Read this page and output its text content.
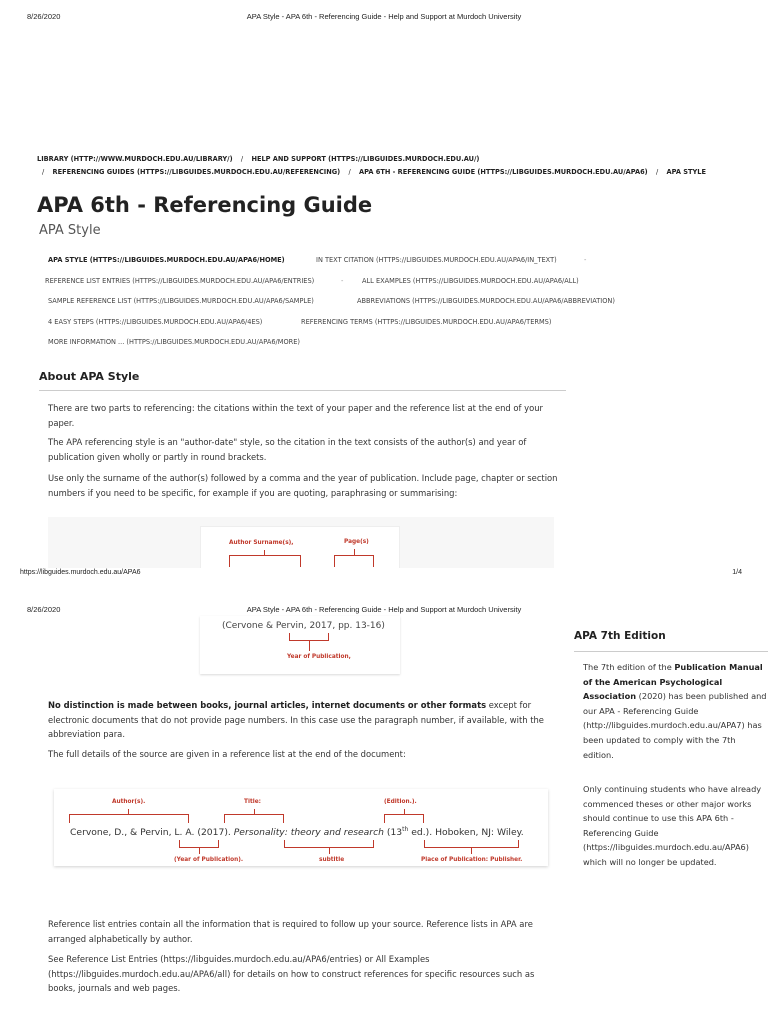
8/26/2020	APA Style - APA 6th - Referencing Guide - Help and Support at Murdoch University
LIBRARY (HTTP://WWW.MURDOCH.EDU.AU/LIBRARY/) / HELP AND SUPPORT (HTTPS://LIBGUIDES.MURDOCH.EDU.AU/)
/ REFERENCING GUIDES (HTTPS://LIBGUIDES.MURDOCH.EDU.AU/REFERENCING) / APA 6TH - REFERENCING GUIDE (HTTPS://LIBGUIDES.MURDOCH.EDU.AU/APA6) / APA STYLE
APA 6th - Referencing Guide
APA Style
APA STYLE (HTTPS://LIBGUIDES.MURDOCH.EDU.AU/APA6/HOME)	IN TEXT CITATION (HTTPS://LIBGUIDES.MURDOCH.EDU.AU/APA6/IN_TEXT)	-
REFERENCE LIST ENTRIES (HTTPS://LIBGUIDES.MURDOCH.EDU.AU/APA6/ENTRIES)	-	ALL EXAMPLES (HTTPS://LIBGUIDES.MURDOCH.EDU.AU/APA6/ALL)
SAMPLE REFERENCE LIST (HTTPS://LIBGUIDES.MURDOCH.EDU.AU/APA6/SAMPLE)	ABBREVIATIONS (HTTPS://LIBGUIDES.MURDOCH.EDU.AU/APA6/ABBREVIATION)
4 EASY STEPS (HTTPS://LIBGUIDES.MURDOCH.EDU.AU/APA6/4ES)	REFERENCING TERMS (HTTPS://LIBGUIDES.MURDOCH.EDU.AU/APA6/TERMS)
MORE INFORMATION ... (HTTPS://LIBGUIDES.MURDOCH.EDU.AU/APA6/MORE)
About APA Style

There are two parts to referencing: the citations within the text of your paper and the reference list at the end of your paper.

The APA referencing style is an "author-date" style, so the citation in the text consists of the author(s) and year of publication given wholly or partly in round brackets.

Use only the surname of the author(s) followed by a comma and the year of publication. Include page, chapter or section numbers if you need to be specific, for example if you are quoting, paraphrasing or summarising:

Author Surname(s),	Page(s)
https://libguides.murdoch.edu.au/APA6	1/4
8/26/2020	APA Style - APA 6th - Referencing Guide - Help and Support at Murdoch University
(Cervone & Pervin, 2017, pp. 13-16)
Year of Publication,

No distinction is made between books, journal articles, internet documents or other formats except for electronic documents that do not provide page numbers. In this case use the paragraph number, if available, with the abbreviation para.

The full details of the source are given in a reference list at the end of the document:

Author(s).	Title:	(Edition.).
Cervone, D., & Pervin, L. A. (2017). Personality: theory and research (13th ed.). Hoboken, NJ: Wiley.
(Year of Publication).	subtitle	Place of Publication: Publisher.

Reference list entries contain all the information that is required to follow up your source. Reference lists in APA are arranged alphabetically by author.

See Reference List Entries (https://libguides.murdoch.edu.au/APA6/entries) or All Examples (https://libguides.murdoch.edu.au/APA6/all) for details on how to construct references for specific resources such as books, journals and web pages.

APA 7th Edition

The 7th edition of the Publication Manual of the American Psychological Association (2020) has been published and our APA - Referencing Guide (http://libguides.murdoch.edu.au/APA7) has been updated to comply with the 7th edition.

Only continuing students who have already commenced theses or other major works should continue to use this APA 6th - Referencing Guide (https://libguides.murdoch.edu.au/APA6) which will no longer be updated.
